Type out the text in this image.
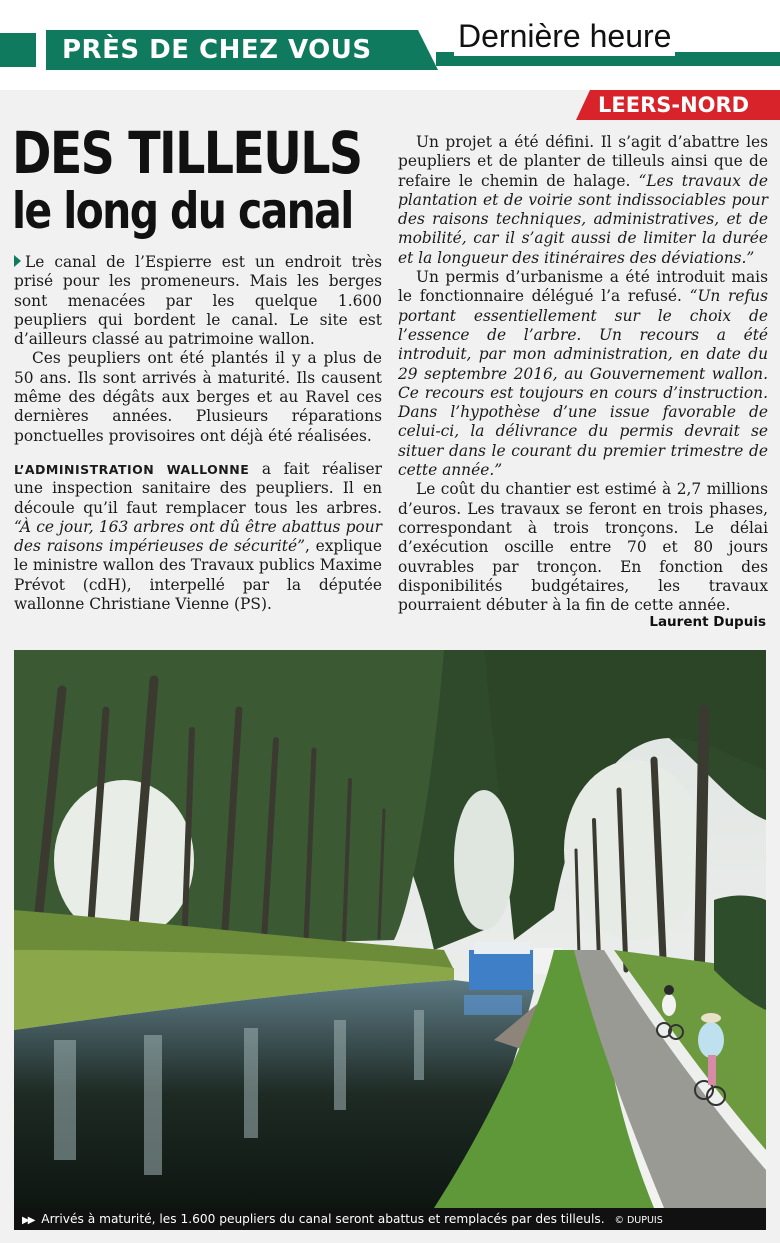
PRÈS DE CHEZ VOUS	Dernière heure
LEERS-NORD
DES TILLEULS
le long du canal

Le canal de l’Espierre est un endroit très prisé pour les promeneurs. Mais les berges sont menacées par les quelque 1.600 peupliers qui bordent le canal. Le site est d’ailleurs classé au patrimoine wallon.

Ces peupliers ont été plantés il y a plus de 50 ans. Ils sont arrivés à maturité. Ils causent même des dégâts aux berges et au Ravel ces dernières années. Plusieurs réparations ponctuelles provisoires ont déjà été réalisées.

L’ADMINISTRATION WALLONNE a fait réaliser une inspection sanitaire des peupliers. Il en découle qu’il faut remplacer tous les arbres. “À ce jour, 163 arbres ont dû être abattus pour des raisons impérieuses de sécurité”, explique le ministre wallon des Travaux publics Maxime Prévot (cdH), interpellé par la députée wallonne Christiane Vienne (PS).

Un projet a été défini. Il s’agit d’abattre les peupliers et de planter de tilleuls ainsi que de refaire le chemin de halage. “Les travaux de plantation et de voirie sont indissociables pour des raisons techniques, administratives, et de mobilité, car il s’agit aussi de limiter la durée et la longueur des itinéraires des déviations.”

Un permis d’urbanisme a été introduit mais le fonctionnaire délégué l’a refusé. “Un refus portant essentiellement sur le choix de l’essence de l’arbre. Un recours a été introduit, par mon administration, en date du 29 septembre 2016, au Gouvernement wallon. Ce recours est toujours en cours d’instruction. Dans l’hypothèse d’une issue favorable de celui-ci, la délivrance du permis devrait se situer dans le courant du premier trimestre de cette année.”

Le coût du chantier est estimé à 2,7 millions d’euros. Les travaux se feront en trois phases, correspondant à trois tronçons. Le délai d’exécution oscille entre 70 et 80 jours ouvrables par tronçon. En fonction des disponibilités budgétaires, les travaux pourraient débuter à la fin de cette année.

Laurent Dupuis
▶▶ Arrivés à maturité, les 1.600 peupliers du canal seront abattus et remplacés par des tilleuls. © DUPUIS
